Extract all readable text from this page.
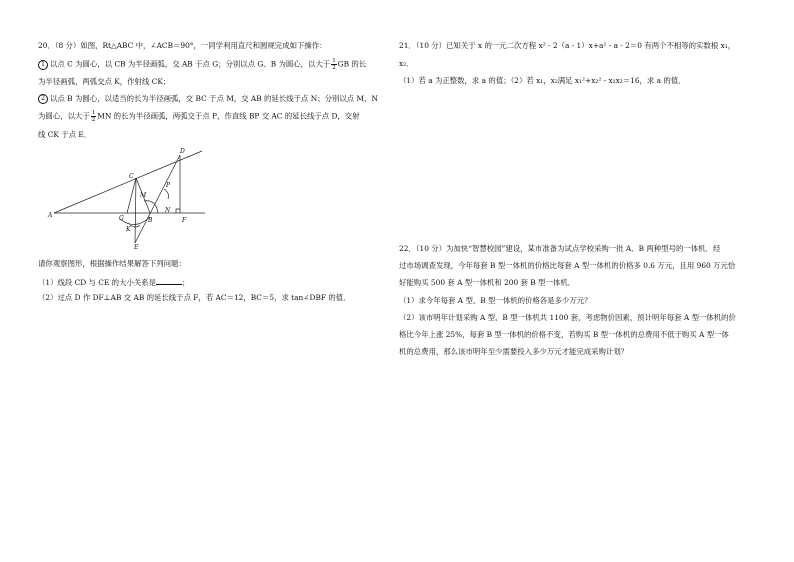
20．（8 分）如图，Rt△ABC 中，∠ACB＝90°，一同学利用直尺和圆规完成如下操作：
1 以点 C 为圆心，以 CB 为半径画弧，交 AB 于点 G；分别以点 G、B 为圆心，以大于 $\frac{1}{2}$ GB 的长
为半径画弧，两弧交点 K，作射线 CK；
2 以点 B 为圆心，以适当的长为半径画弧，交 BC 于点 M，交 AB 的延长线于点 N；分别以点 M、N
为圆心，以大于 $\frac{1}{2}$ MN 的长为半径画弧，两弧交于点 P，作直线 BP 交 AC 的延长线于点 D，交射
线 CK 于点 E．
请你观察图形，根据操作结果解答下列问题：
（1）线段 CD 与 CE 的大小关系是	；
（2）过点 D 作 DF⊥AB 交 AB 的延长线于点 F，若 AC＝12，BC＝5，求 tan∠DBF 的值．
A
B
C
D
E
F
G
K
M
N
P
21．（10 分）已知关于 x 的一元二次方程 x² - 2（a - 1）x+a² - a - 2＝0 有两个不相等的实数根 x₁，
x₂．
（1）若 a 为正整数，求 a 的值；（2）若 x₁，x₂满足 x₁²+x₂² - x₁x₂＝16，求 a 的值．
22．（10 分）为加快“智慧校园”建设，某市准备为试点学校采购一批 A、B 两种型号的一体机．经
过市场调查发现，今年每套 B 型一体机的价格比每套 A 型一体机的价格多 0.6 万元，且用 960 万元恰
好能购买 500 套 A 型一体机和 200 套 B 型一体机．
（1）求今年每套 A 型、B 型一体机的价格各是多少万元？
（2）该市明年计划采购 A 型、B 型一体机共 1100 套，考虑物价因素，预计明年每套 A 型一体机的价
格比今年上涨 25%，每套 B 型一体机的价格不变，若购买 B 型一体机的总费用不低于购买 A 型一体
机的总费用，那么该市明年至少需要投入多少万元才能完成采购计划？
